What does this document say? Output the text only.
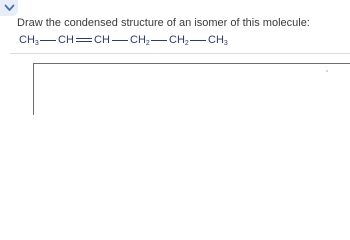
Draw the condensed structure of an isomer of this molecule:
$CH_3$ CH CH $CH_2$ $CH_2$ $CH_3$
